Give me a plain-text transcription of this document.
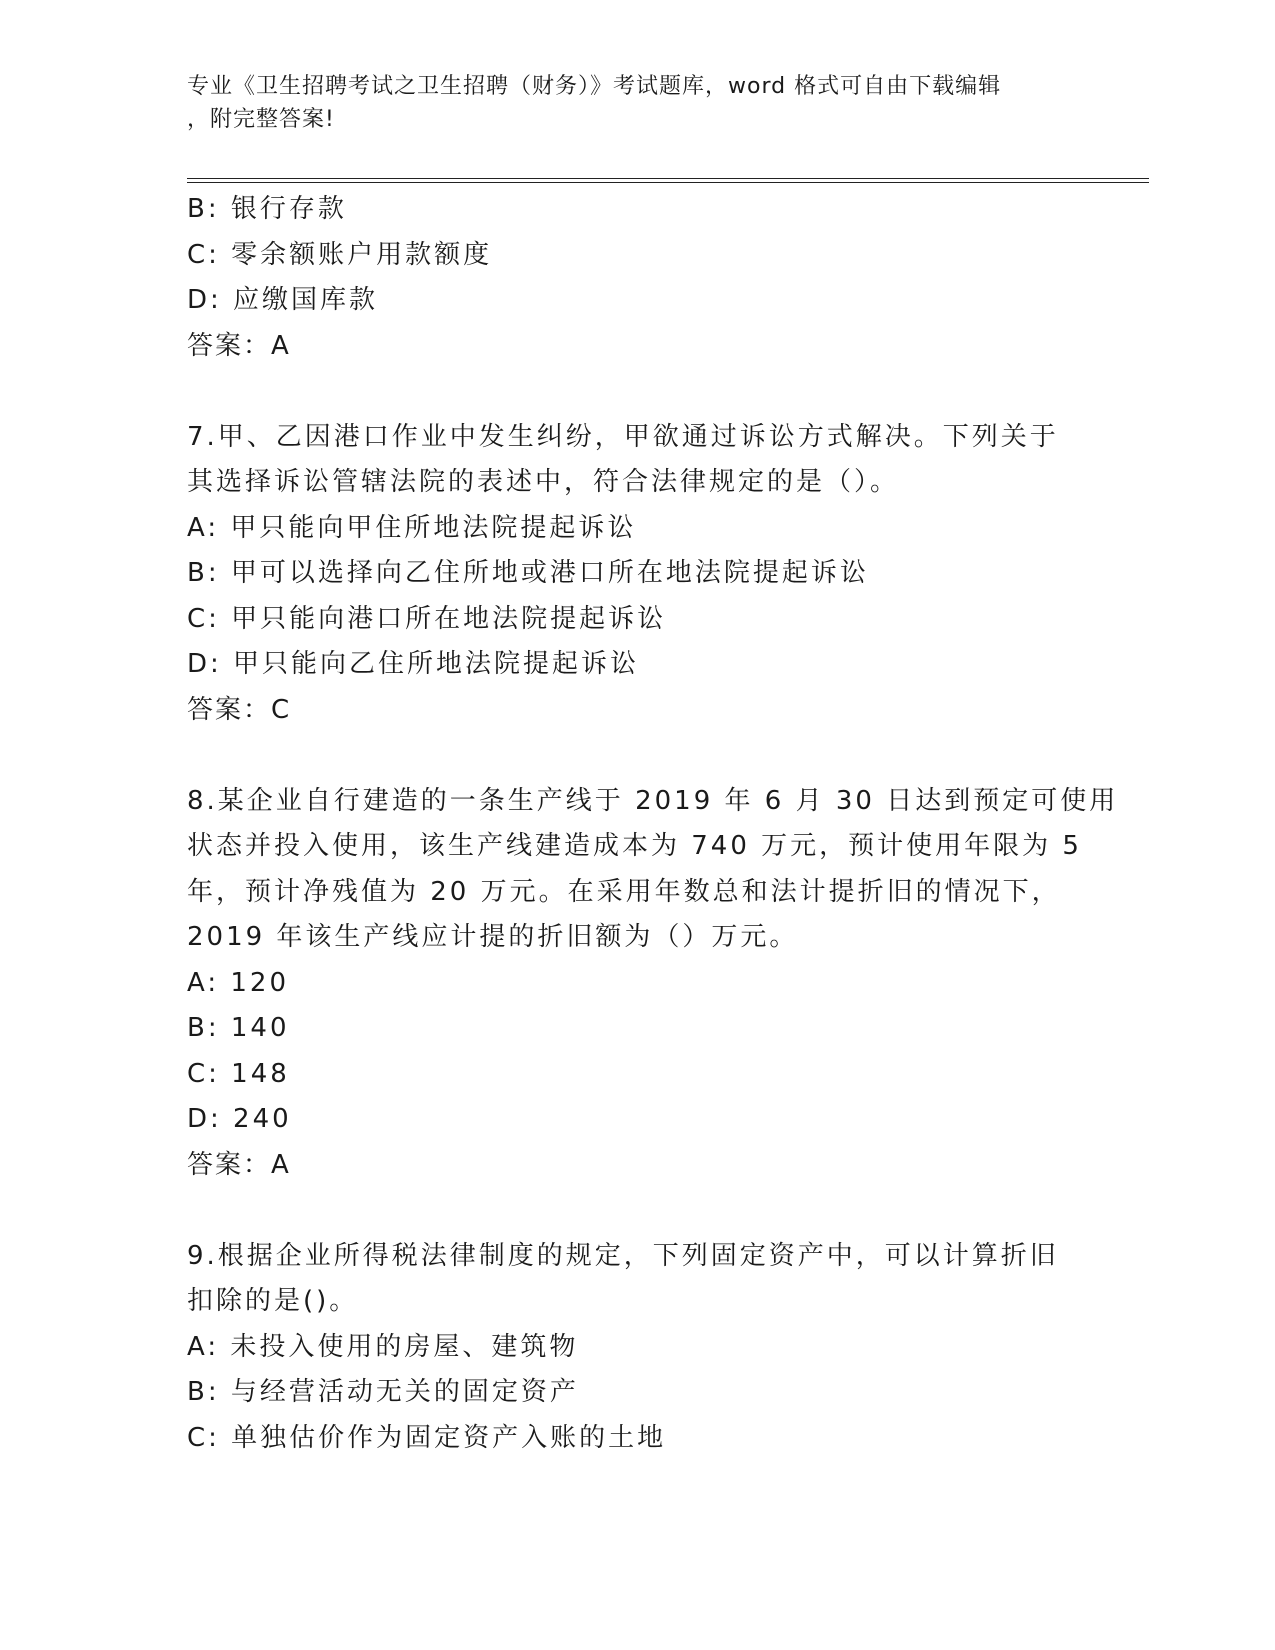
专业《卫生招聘考试之卫生招聘（财务）》考试题库，word 格式可自由下载编辑
，附完整答案!
B: 银行存款
C: 零余额账户用款额度
D: 应缴国库款
答案：A
7.甲、乙因港口作业中发生纠纷，甲欲通过诉讼方式解决。下列关于
其选择诉讼管辖法院的表述中，符合法律规定的是（）。
A: 甲只能向甲住所地法院提起诉讼
B: 甲可以选择向乙住所地或港口所在地法院提起诉讼
C: 甲只能向港口所在地法院提起诉讼
D: 甲只能向乙住所地法院提起诉讼
答案：C
8.某企业自行建造的一条生产线于 2019 年 6 月 30 日达到预定可使用
状态并投入使用，该生产线建造成本为 740 万元，预计使用年限为 5
年，预计净残值为 20 万元。在采用年数总和法计提折旧的情况下，
2019 年该生产线应计提的折旧额为（）万元。
A: 120
B: 140
C: 148
D: 240
答案：A
9.根据企业所得税法律制度的规定，下列固定资产中，可以计算折旧
扣除的是()。
A: 未投入使用的房屋、建筑物
B: 与经营活动无关的固定资产
C: 单独估价作为固定资产入账的土地
